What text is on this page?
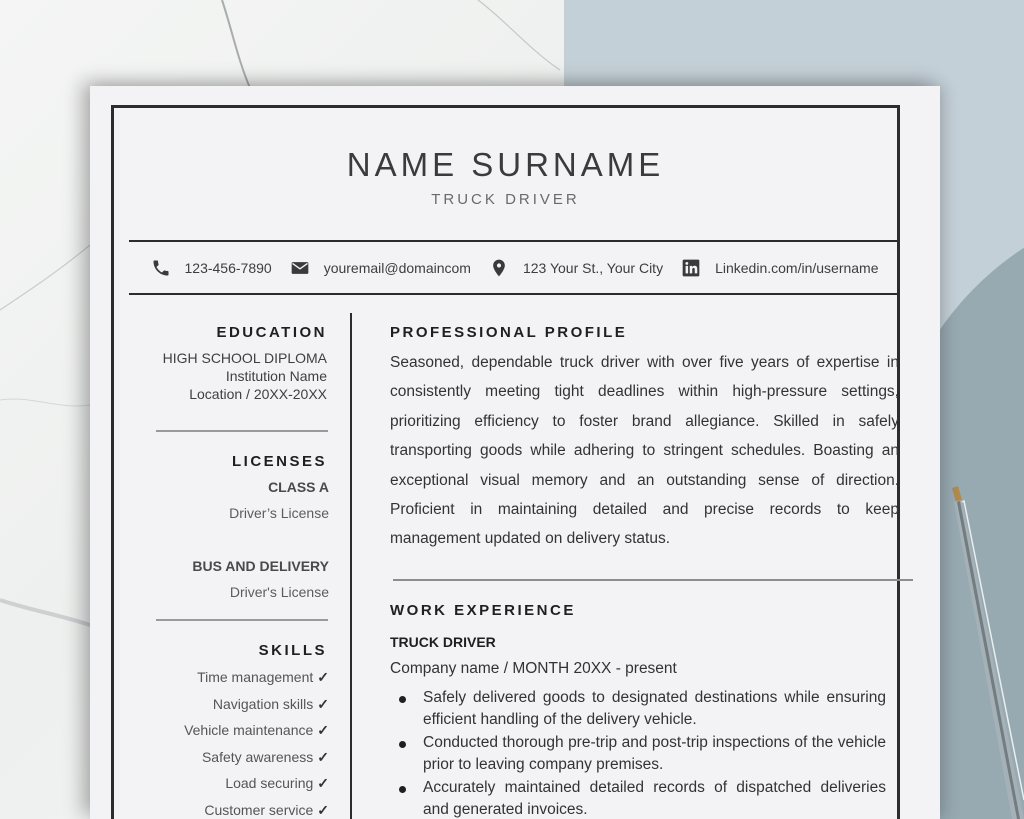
NAME SURNAME
TRUCK DRIVER
123-456-7890	youremail@domaincom	123 Your St., Your City	Linkedin.com/in/username
EDUCATION
HIGH SCHOOL DIPLOMA
Institution Name
Location / 20XX-20XX
LICENSES
CLASS A
Driver’s License
BUS AND DELIVERY
Driver's License
SKILLS
Time management ✓
Navigation skills ✓
Vehicle maintenance ✓
Safety awareness ✓
Load securing ✓
Customer service ✓
PROFESSIONAL PROFILE
Seasoned, dependable truck driver with over five years of expertise in consistently meeting tight deadlines within high-pressure settings, prioritizing efficiency to foster brand allegiance. Skilled in safely transporting goods while adhering to stringent schedules. Boasting an exceptional visual memory and an outstanding sense of direction. Proficient in maintaining detailed and precise records to keep management updated on delivery status.
WORK EXPERIENCE
TRUCK DRIVER
Company name / MONTH 20XX - present
Safely delivered goods to designated destinations while ensuring efficient handling of the delivery vehicle.
Conducted thorough pre-trip and post-trip inspections of the vehicle prior to leaving company premises.
Accurately maintained detailed records of dispatched deliveries and generated invoices.
